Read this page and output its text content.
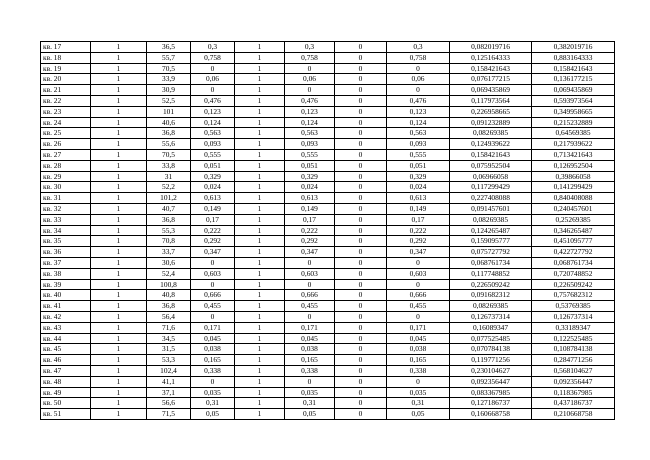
кв. 17	1	36,5	0,3	1	0,3	0	0,3	0,082019716	0,382019716
кв. 18	1	55,7	0,758	1	0,758	0	0,758	0,125164333	0,883164333
кв. 19	1	70,5	0	1	0	0	0	0,158421643	0,158421643
кв. 20	1	33,9	0,06	1	0,06	0	0,06	0,076177215	0,136177215
кв. 21	1	30,9	0	1	0	0	0	0,069435869	0,069435869
кв. 22	1	52,5	0,476	1	0,476	0	0,476	0,117973564	0,593973564
кв. 23	1	101	0,123	1	0,123	0	0,123	0,226958665	0,349958665
кв. 24	1	40,6	0,124	1	0,124	0	0,124	0,091232889	0,215232889
кв. 25	1	36,8	0,563	1	0,563	0	0,563	0,08269385	0,64569385
кв. 26	1	55,6	0,093	1	0,093	0	0,093	0,124939622	0,217939622
кв. 27	1	70,5	0,555	1	0,555	0	0,555	0,158421643	0,713421643
кв. 28	1	33,8	0,051	1	0,051	0	0,051	0,075952504	0,126952504
кв. 29	1	31	0,329	1	0,329	0	0,329	0,06966058	0,39866058
кв. 30	1	52,2	0,024	1	0,024	0	0,024	0,117299429	0,141299429
кв. 31	1	101,2	0,613	1	0,613	0	0,613	0,227408088	0,840408088
кв. 32	1	40,7	0,149	1	0,149	0	0,149	0,091457601	0,240457601
кв. 33	1	36,8	0,17	1	0,17	0	0,17	0,08269385	0,25269385
кв. 34	1	55,3	0,222	1	0,222	0	0,222	0,124265487	0,346265487
кв. 35	1	70,8	0,292	1	0,292	0	0,292	0,159095777	0,451095777
кв. 36	1	33,7	0,347	1	0,347	0	0,347	0,075727792	0,422727792
кв. 37	1	30,6	0	1	0	0	0	0,068761734	0,068761734
кв. 38	1	52,4	0,603	1	0,603	0	0,603	0,117748852	0,720748852
кв. 39	1	100,8	0	1	0	0	0	0,226509242	0,226509242
кв. 40	1	40,8	0,666	1	0,666	0	0,666	0,091682312	0,757682312
кв. 41	1	36,8	0,455	1	0,455	0	0,455	0,08269385	0,53769385
кв. 42	1	56,4	0	1	0	0	0	0,126737314	0,126737314
кв. 43	1	71,6	0,171	1	0,171	0	0,171	0,16089347	0,33189347
кв. 44	1	34,5	0,045	1	0,045	0	0,045	0,077525485	0,122525485
кв. 45	1	31,5	0,038	1	0,038	0	0,038	0,070784138	0,108784138
кв. 46	1	53,3	0,165	1	0,165	0	0,165	0,119771256	0,284771256
кв. 47	1	102,4	0,338	1	0,338	0	0,338	0,230104627	0,568104627
кв. 48	1	41,1	0	1	0	0	0	0,092356447	0,092356447
кв. 49	1	37,1	0,035	1	0,035	0	0,035	0,083367985	0,118367985
кв. 50	1	56,6	0,31	1	0,31	0	0,31	0,127186737	0,437186737
кв. 51	1	71,5	0,05	1	0,05	0	0,05	0,160668758	0,210668758
